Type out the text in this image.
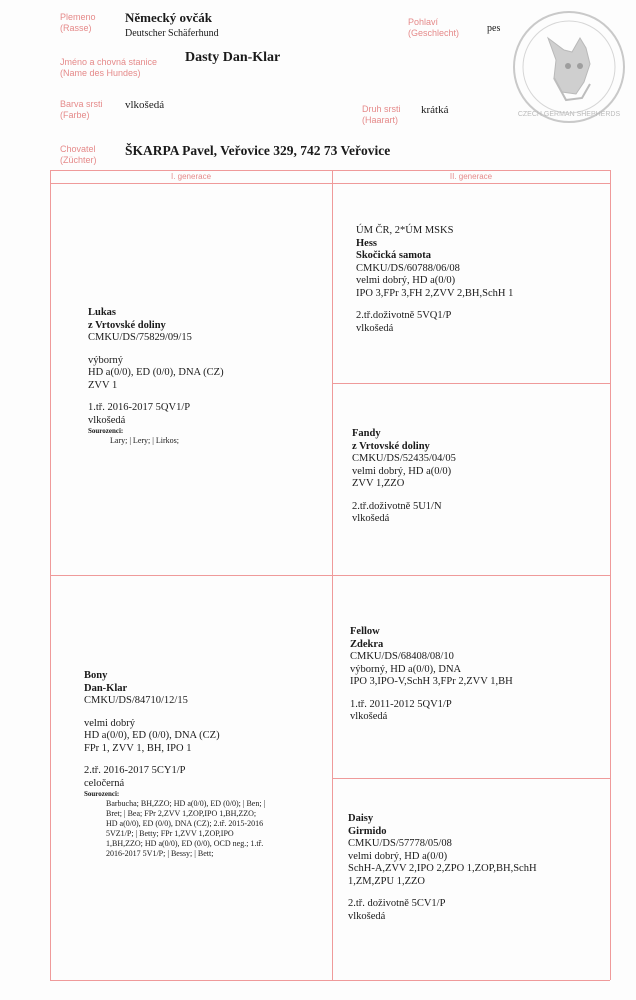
Plemeno
(Rasse)
Německý ovčák
Deutscher Schäferhund
Pohlaví
(Geschlecht)	pes
Jméno a chovná stanice
(Name des Hundes)
Dasty Dan-Klar
Barva srsti
(Farbe)
vlkošedá	Druh srsti
(Haarart)
krátká
Chovatel
(Züchter)
ŠKARPA Pavel, Veřovice 329, 742 73 Veřovice
CZECH GERMAN SHEPHERDS
I. generace	II. generace
Lukas
z Vrtovské doliny
CMKU/DS/75829/09/15
výborný
HD a(0/0), ED (0/0), DNA (CZ)
ZVV 1
1.tř. 2016-2017 5QV1/P
vlkošedá
Sourozenci:
Lary; | Lery; | Lirkos;
ÚM ČR, 2*ÚM MSKS
Hess
Skočická samota
CMKU/DS/60788/06/08
velmi dobrý, HD a(0/0)
IPO 3,FPr 3,FH 2,ZVV 2,BH,SchH 1
2.tř.doživotně 5VQ1/P
vlkošedá
Fandy
z Vrtovské doliny
CMKU/DS/52435/04/05
velmi dobrý, HD a(0/0)
ZVV 1,ZZO
2.tř.doživotně 5U1/N
vlkošedá
Bony
Dan-Klar
CMKU/DS/84710/12/15
velmi dobrý
HD a(0/0), ED (0/0), DNA (CZ)
FPr 1, ZVV 1, BH, IPO 1
2.tř. 2016-2017 5CY1/P
celočerná
Sourozenci:
Barbucha; BH,ZZO; HD a(0/0), ED (0/0); | Ben; |
Bret; | Bea; FPr 2,ZVV 1,ZOP,IPO 1,BH,ZZO;
HD a(0/0), ED (0/0), DNA (CZ); 2.tř. 2015-2016
5VZ1/P; | Betty; FPr 1,ZVV 1,ZOP,IPO
1,BH,ZZO; HD a(0/0), ED (0/0), OCD neg.; 1.tř.
2016-2017 5V1/P; | Bessy; | Bett;
Fellow
Zdekra
CMKU/DS/68408/08/10
výborný, HD a(0/0), DNA
IPO 3,IPO-V,SchH 3,FPr 2,ZVV 1,BH
1.tř. 2011-2012 5QV1/P
vlkošedá
Daisy
Girmido
CMKU/DS/57778/05/08
velmi dobrý, HD a(0/0)
SchH-A,ZVV 2,IPO 2,ZPO 1,ZOP,BH,SchH
1,ZM,ZPU 1,ZZO
2.tř. doživotně 5CV1/P
vlkošedá
